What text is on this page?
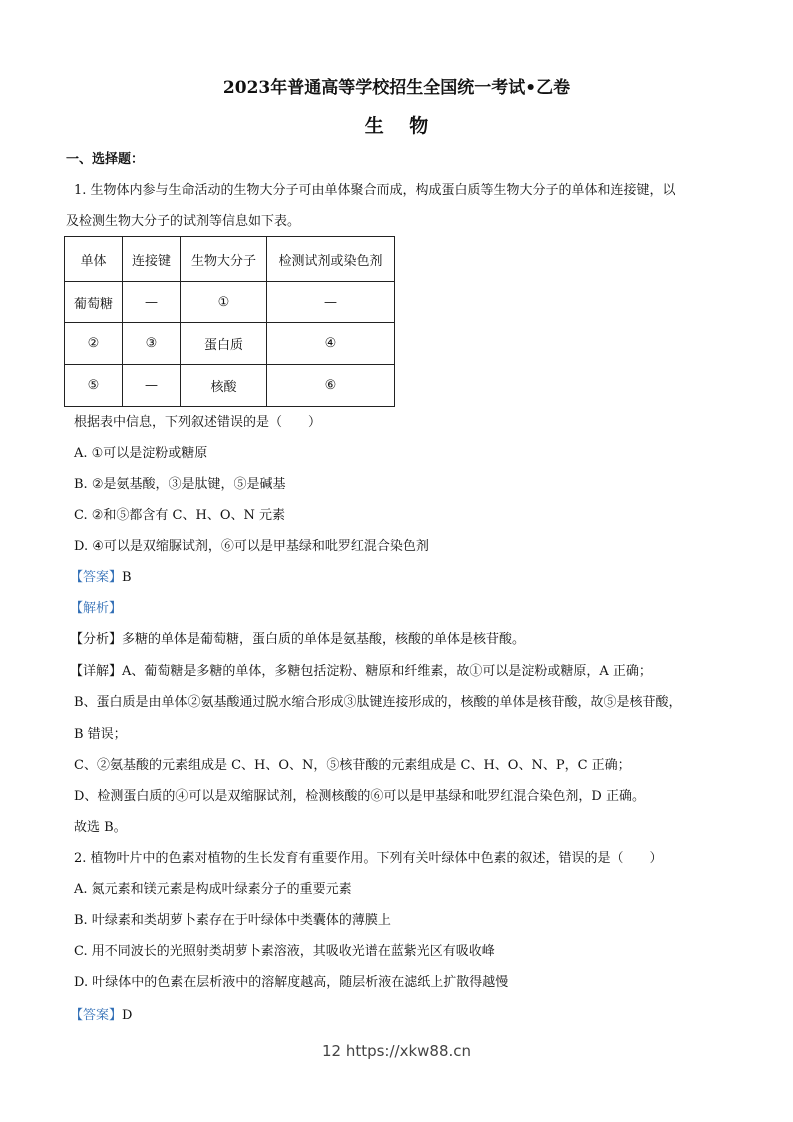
2023年普通高等学校招生全国统一考试•乙卷
生　 物
一、选择题：
1. 生物体内参与生命活动的生物大分子可由单体聚合而成，构成蛋白质等生物大分子的单体和连接键，以
及检测生物大分子的试剂等信息如下表。
单体	连接键	生物大分子	检测试剂或染色剂
葡萄糖	—	①	—
②	③	蛋白质	④
⑤	—	核酸	⑥
根据表中信息，下列叙述错误的是（　　）
A. ①可以是淀粉或糖原
B. ②是氨基酸，③是肽键，⑤是碱基
C. ②和⑤都含有 C、H、O、N 元素
D. ④可以是双缩脲试剂，⑥可以是甲基绿和吡罗红混合染色剂
【答案】B
【解析】
【分析】多糖的单体是葡萄糖，蛋白质的单体是氨基酸，核酸的单体是核苷酸。
【详解】A、葡萄糖是多糖的单体，多糖包括淀粉、糖原和纤维素，故①可以是淀粉或糖原，A 正确；
B、蛋白质是由单体②氨基酸通过脱水缩合形成③肽键连接形成的，核酸的单体是核苷酸，故⑤是核苷酸，
B 错误；
C、②氨基酸的元素组成是 C、H、O、N，⑤核苷酸的元素组成是 C、H、O、N、P，C 正确；
D、检测蛋白质的④可以是双缩脲试剂，检测核酸的⑥可以是甲基绿和吡罗红混合染色剂，D 正确。
故选 B。
2. 植物叶片中的色素对植物的生长发育有重要作用。下列有关叶绿体中色素的叙述，错误的是（　　）
A. 氮元素和镁元素是构成叶绿素分子的重要元素
B. 叶绿素和类胡萝卜素存在于叶绿体中类囊体的薄膜上
C. 用不同波长的光照射类胡萝卜素溶液，其吸收光谱在蓝紫光区有吸收峰
D. 叶绿体中的色素在层析液中的溶解度越高，随层析液在滤纸上扩散得越慢
【答案】D
12 https://xkw88.cn
